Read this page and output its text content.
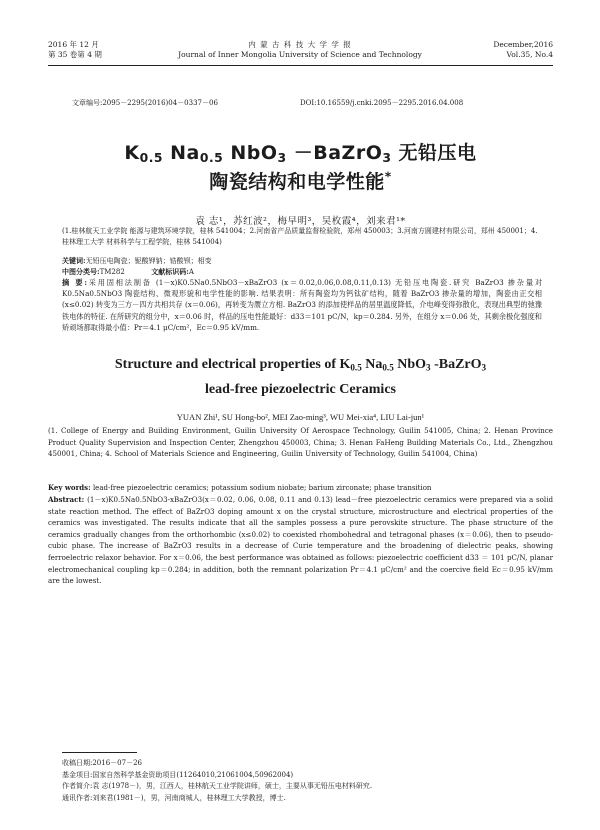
2016 年 12 月
第 35 卷第 4 期
内 蒙 古 科 技 大 学 学 报
Journal of Inner Mongolia University of Science and Technology
December,2016
Vol.35, No.4
文章编号:2095－2295(2016)04－0337－06	DOI:10.16559/j.cnki.2095－2295.2016.04.008
$K_{0.5}$ $Na_{0.5}$ NbO$_3$ －BaZrO$_3$ 无铅压电
陶瓷结构和电学性能*
袁 志¹，苏红波²，梅早明³，吴枚霞⁴，刘来君¹*
(1.桂林航天工业学院 能源与建筑环境学院，桂林 541004；2.河南省产品质量监督检验院，郑州 450003；3.河南方圆建材有限公司，郑州 450001；4.桂林理工大学 材料科学与工程学院，桂林 541004)
关键词:无铅压电陶瓷；铌酸钾钠；锆酸钡；相变
中图分类号:TM282	文献标识码:A
摘 要:采用固相法制备 (1－x)K0.5Na0.5NbO3－xBaZrO3 (x＝0.02,0.06,0.08,0.11,0.13) 无铅压电陶瓷.研究 BaZrO3 掺杂量对 K0.5Na0.5NbO3 陶瓷结构、微观形貌和电学性能的影响. 结果表明：所有陶瓷均为钙钛矿结构，随着 BaZrO3 掺杂量的增加，陶瓷由正交相 (x≤0.02) 转变为三方－四方共相共存 (x＝0.06)，再转变为赝立方相. BaZrO3 的添加使样品的居里温度降低，介电峰变得弥散化，表现出典型的弛豫铁电体的特征. 在所研究的组分中，x＝0.06 时，样品的压电性能最好：d33＝101 pC/N，kp＝0.284. 另外，在组分 x＝0.06 处，其剩余极化强度和矫顽场都取得最小值：Pr＝4.1 μC/cm²，Ec＝0.95 kV/mm.
Structure and electrical properties of $K_{0.5}$ $Na_{0.5}$ NbO$_3$ -BaZrO$_3$
lead-free piezoelectric Ceramics
YUAN Zhi¹, SU Hong-bo², MEI Zao-ming³, WU Mei-xia⁴, LIU Lai-jun¹
(1. College of Energy and Building Environment, Guilin University Of Aerospace Technology, Guilin 541005, China; 2. Henan Province Product Quality Supervision and Inspection Center, Zhengzhou 450003, China; 3. Henan FaHeng Building Materials Co., Ltd., Zhengzhou 450001, China; 4. School of Materials Science and Engineering, Guilin University of Technology, Guilin 541004, China)
Key words: lead-free piezoelectric ceramics; potassium sodium niobate; barium zirconate; phase transition
Abstract: (1－x)K0.5Na0.5NbO3-xBaZrO3(x＝0.02, 0.06, 0.08, 0.11 and 0.13) lead－free piezoelectric ceramics were prepared via a solid state reaction method. The effect of BaZrO3 doping amount x on the crystal structure, microstructure and electrical properties of the ceramics was investigated. The results indicate that all the samples possess a pure perovskite structure. The phase structure of the ceramics gradually changes from the orthorhombic (x≤0.02) to coexisted rhombohedral and tetragonal phases (x＝0.06), then to pseudo-cubic phase. The increase of BaZrO3 results in a decrease of Curie temperature and the broadening of dielectric peaks, showing ferroelectric relaxor behavior. For x＝0.06, the best performance was obtained as follows: piezoelectric coefficient d33 ＝ 101 pC/N, planar electromechanical coupling kp＝0.284; in addition, both the remnant polarization Pr＝4.1 μC/cm² and the coercive field Ec＝0.95 kV/mm are the lowest.
收稿日期:2016－07－26
基金项目:国家自然科学基金资助项目(11264010,21061004,50962004)
作者简介:袁 志(1978－)，男，江西人，桂林航天工业学院讲师，硕士，主要从事无铅压电材料研究.
通讯作者:刘来君(1981－)，男，河南商城人，桂林理工大学教授，博士.
